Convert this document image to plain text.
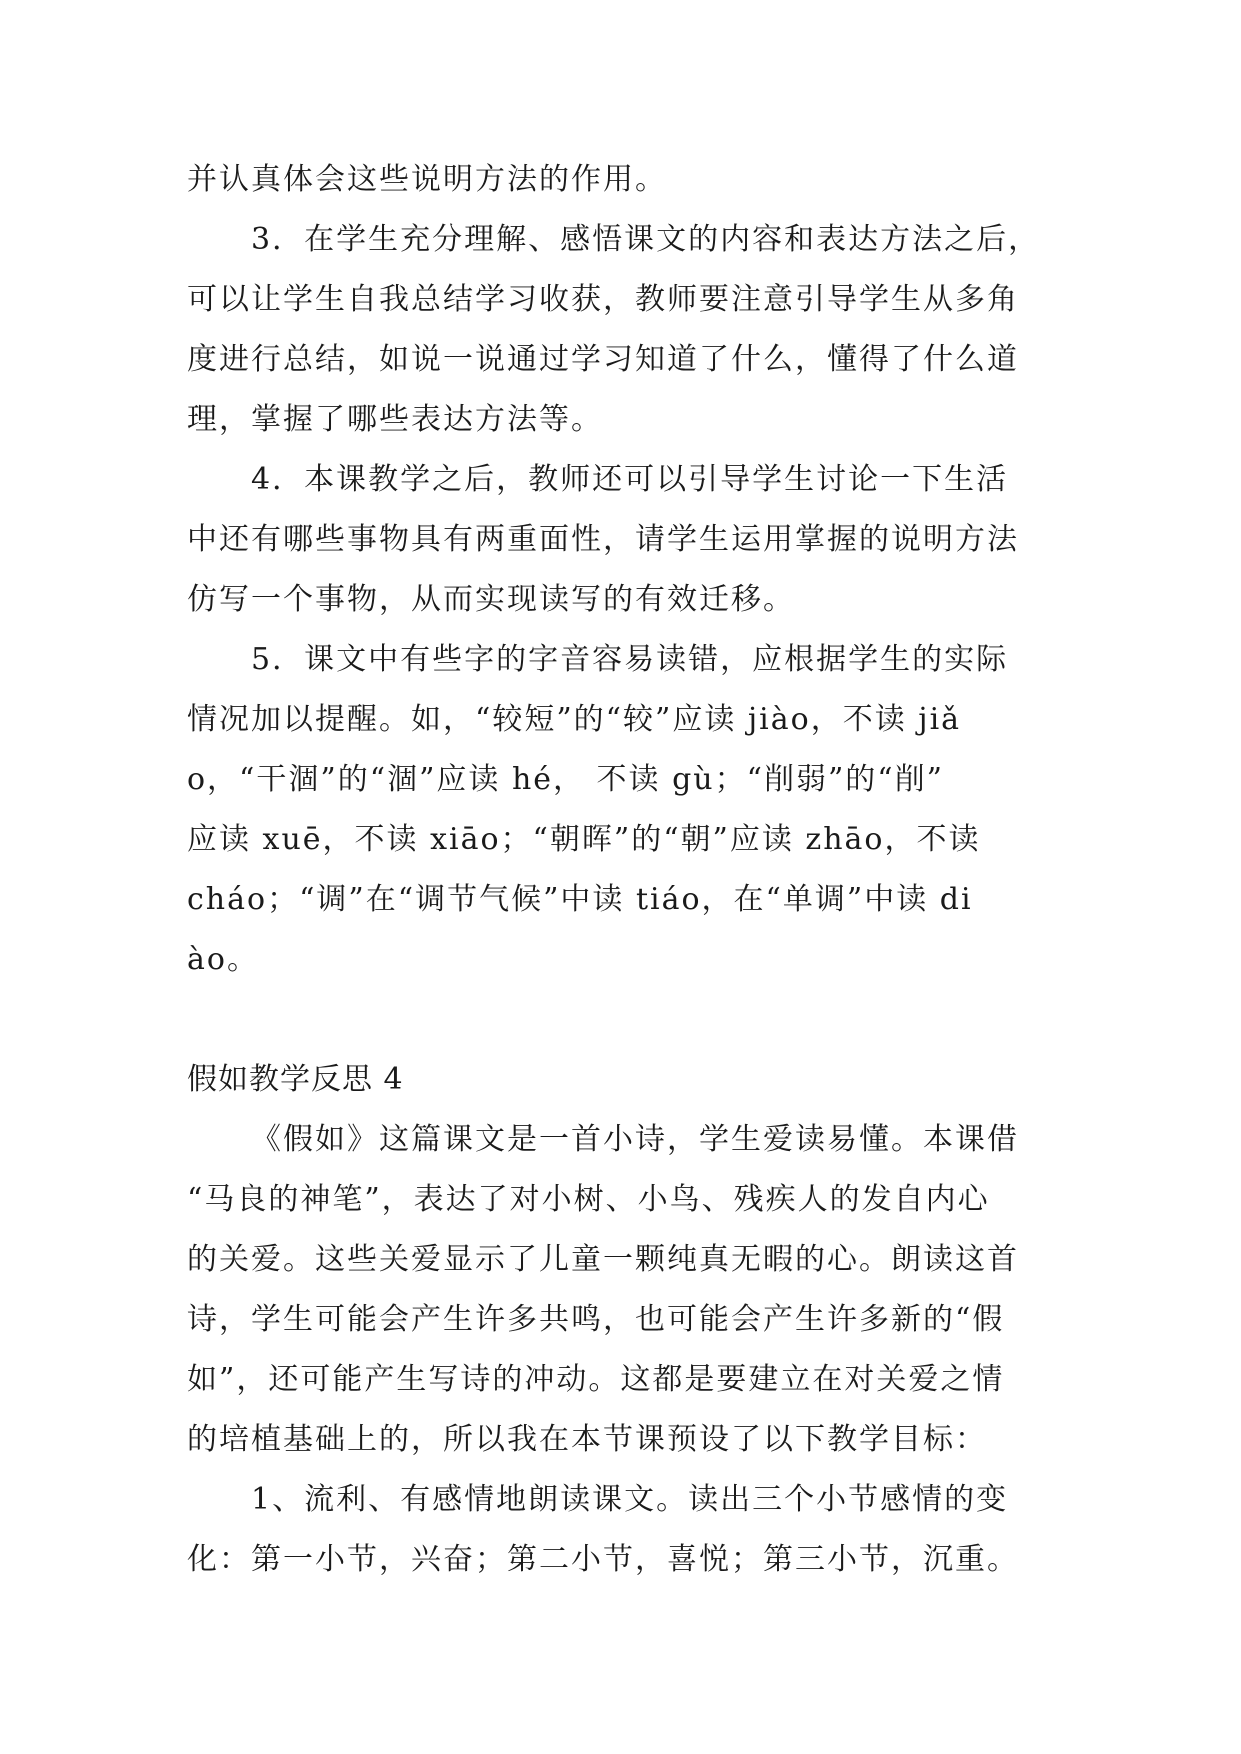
并认真体会这些说明方法的作用。
3．在学生充分理解、感悟课文的内容和表达方法之后，
可以让学生自我总结学习收获，教师要注意引导学生从多角
度进行总结，如说一说通过学习知道了什么，懂得了什么道
理，掌握了哪些表达方法等。
4．本课教学之后，教师还可以引导学生讨论一下生活
中还有哪些事物具有两重面性，请学生运用掌握的说明方法
仿写一个事物，从而实现读写的有效迁移。
5．课文中有些字的字音容易读错，应根据学生的实际
情况加以提醒。如，“较短”的“较”应读 jiào，不读 jiǎ
o，“干涸”的“涸”应读 hé， 不读 gù；“削弱”的“削”
应读 xuē，不读 xiāo；“朝晖”的“朝”应读 zhāo，不读
cháo；“调”在“调节气候”中读 tiáo，在“单调”中读 di
ào。
假如教学反思 4
《假如》这篇课文是一首小诗，学生爱读易懂。本课借
“马良的神笔”，表达了对小树、小鸟、残疾人的发自内心
的关爱。这些关爱显示了儿童一颗纯真无暇的心。朗读这首
诗，学生可能会产生许多共鸣，也可能会产生许多新的“假
如”，还可能产生写诗的冲动。这都是要建立在对关爱之情
的培植基础上的，所以我在本节课预设了以下教学目标：
1、流利、有感情地朗读课文。读出三个小节感情的变
化：第一小节，兴奋；第二小节，喜悦；第三小节，沉重。
